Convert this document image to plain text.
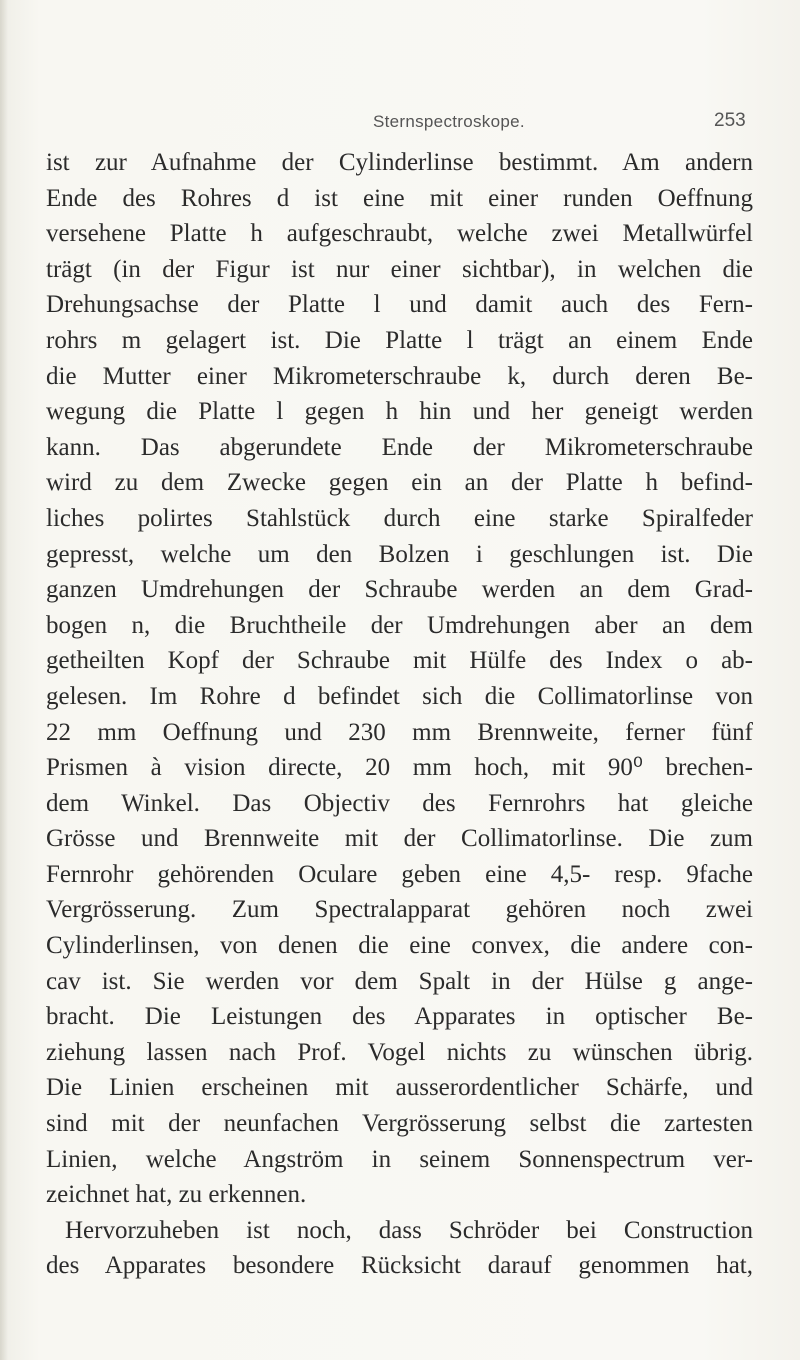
Sternspectroskope.	253
ist zur Aufnahme der Cylinderlinse bestimmt. Am andern
Ende des Rohres d ist eine mit einer runden Oeffnung
versehene Platte h aufgeschraubt, welche zwei Metallwürfel
trägt (in der Figur ist nur einer sichtbar), in welchen die
Drehungsachse der Platte l und damit auch des Fern-
rohrs m gelagert ist. Die Platte l trägt an einem Ende
die Mutter einer Mikrometerschraube k, durch deren Be-
wegung die Platte l gegen h hin und her geneigt werden
kann. Das abgerundete Ende der Mikrometerschraube
wird zu dem Zwecke gegen ein an der Platte h befind-
liches polirtes Stahlstück durch eine starke Spiralfeder
gepresst, welche um den Bolzen i geschlungen ist. Die
ganzen Umdrehungen der Schraube werden an dem Grad-
bogen n, die Bruchtheile der Umdrehungen aber an dem
getheilten Kopf der Schraube mit Hülfe des Index o ab-
gelesen. Im Rohre d befindet sich die Collimatorlinse von
22 mm Oeffnung und 230 mm Brennweite, ferner fünf
Prismen à vision directe, 20 mm hoch, mit 90⁰ brechen-
dem Winkel. Das Objectiv des Fernrohrs hat gleiche
Grösse und Brennweite mit der Collimatorlinse. Die zum
Fernrohr gehörenden Oculare geben eine 4,5- resp. 9fache
Vergrösserung. Zum Spectralapparat gehören noch zwei
Cylinderlinsen, von denen die eine convex, die andere con-
cav ist. Sie werden vor dem Spalt in der Hülse g ange-
bracht. Die Leistungen des Apparates in optischer Be-
ziehung lassen nach Prof. Vogel nichts zu wünschen übrig.
Die Linien erscheinen mit ausserordentlicher Schärfe, und
sind mit der neunfachen Vergrösserung selbst die zartesten
Linien, welche Angström in seinem Sonnenspectrum ver-
zeichnet hat, zu erkennen.
Hervorzuheben ist noch, dass Schröder bei Construction
des Apparates besondere Rücksicht darauf genommen hat,
